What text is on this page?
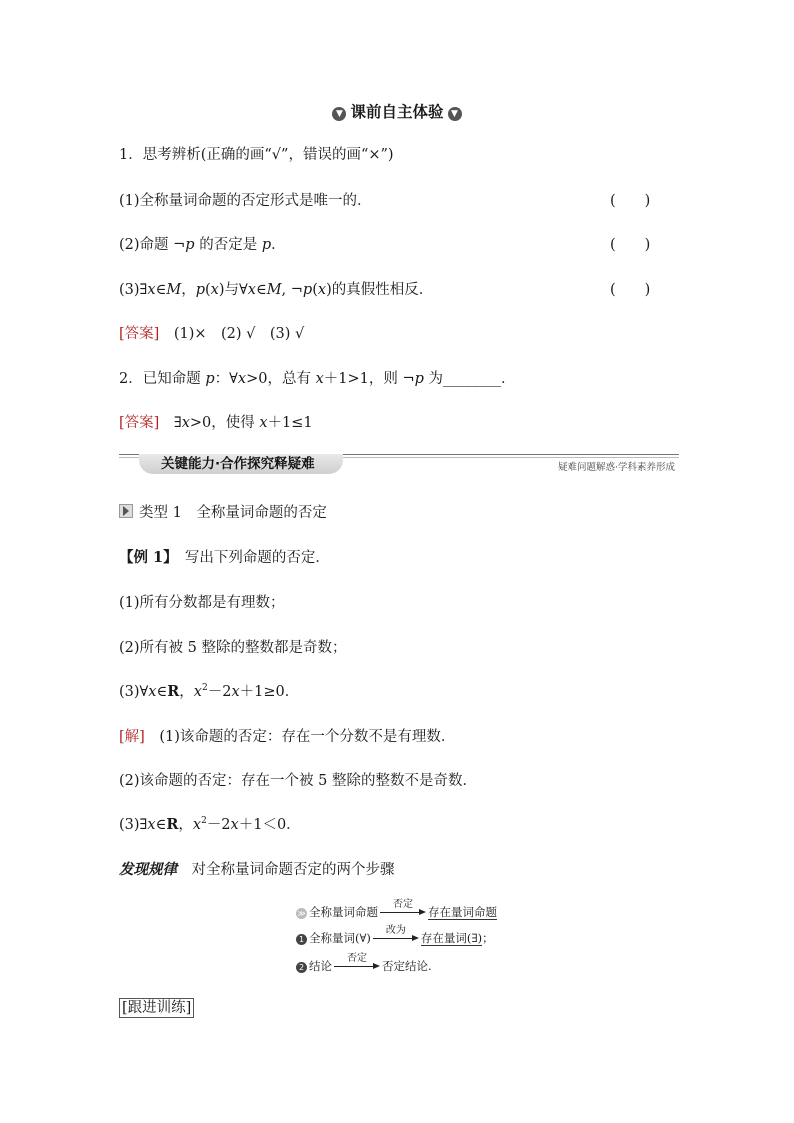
▼ 课前自主体验 ▼
1．思考辨析(正确的画“√”，错误的画“×”)
(1)全称量词命题的否定形式是唯一的．	(　　)
(2)命题 ¬p 的否定是 p．	(　　)
(3)∃x∈M，p(x)与∀x∈M, ¬p(x)的真假性相反．	(　　)
[答案]　(1)×　(2) √　(3) √
2．已知命题 p：∀x>0，总有 x＋1>1，则 ¬p 为________．
[答案]　∃x>0，使得 x＋1≤1
关键能力·合作探究释疑难	疑难问题解惑·学科素养形成
类型 1　全称量词命题的否定
【例 1】　写出下列命题的否定．
(1)所有分数都是有理数；
(2)所有被 5 整除的整数都是奇数；
(3)∀x∈R，$x^2-2x+1\ge 0$．
[解]　(1)该命题的否定：存在一个分数不是有理数．
(2)该命题的否定：存在一个被 5 整除的整数不是奇数．
(3)∃x∈R，$x^2-2x+1<0$．
发现规律　对全称量词命题否定的两个步骤
≫ 全称量词命题
否定
存在量词命题
1 全称量词(∀)
改为
存在量词(∃)；
2 结论
否定
否定结论.
[跟进训练]
